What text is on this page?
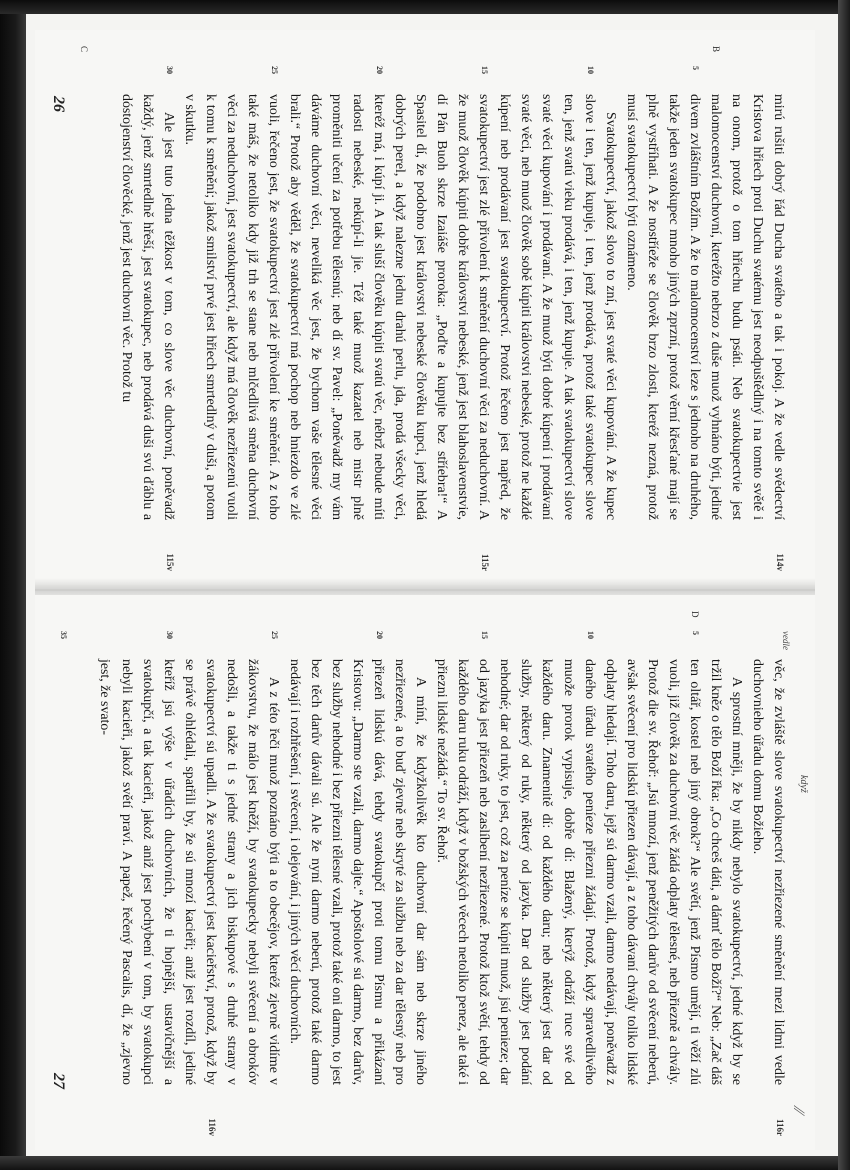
5
10
15
20
25
30
B
C

mirú rušiti dobrý řád Ducha svatého a tak i pokoj. A že vedle svědectví Kristova hřiech proti Duchu svatému jest neodpuštědlný i na tomto světě i na onom, protož o tom hřiechu budu psáti. Neb svatokupectvie jest malomocenství duchovní, kteréžto nebrzo z duše muož vyhnáno býti, jediné divem zvláštním Božím. A že to malomocenství leze s jednoho na druhého, takže jeden svatokupec mnoho jiných zprzní, protož věrní křesťané mají se plně vystříhati. A že nostříeže se člověk brzo zlosti, kteréž nezná, protož musí svatokupectví býti oznámeno.

Svatokupectví, jakož slovo to zní, jest svaté věci kupování. A že kupec slove i ten, jenž kupuje, i ten, jenž prodává, protož také svatokupec slove ten, jenž svatú vieku prodává, i ten, jenž kupuje. A tak svatokupectví slove svaté věci kupování i prodávaní. A že muož býti dobré kúpení i prodávaní svaté věci, neb muož člověk sobě kúpiti královstvi nebeské, protož ne každé kúpení neb prodávaní jest svatokupectví. Protož řečeno jest napřed, že svatokupectví jest zlé přivolení k směnění duchovní věci za neduchovní. A že muož člověk kúpiti dobře královstvi nebeské, jenž jest blahoslavenstvie, dí Pán Buoh skrze Izaiáše proroka: „Poďte a kupujte bez stříebra!“ A Spasitel dí, že podobno jest královstvi nebeské člověku kupci, jenž hledá dobrých perel, a když nalezne jednu drahú perlu, jda, prodá všecky věci, kteréž má, i kúpí ji. A tak sluší člověku kúpiti svatú věc, nébrž nebude míti radosti nebeské, nekúpí-li jie. Též také muož kazatel neb mistr plně proměniti učení za potřebu tělesnú; neb dí sv. Pavel: „Poněvadž my vám dáváme duchovní věci, neveliká věc jest, že bychom vaše tělesné věci brali.“ Protož aby věděl, že svatokupectví má pochop neb hniezdo ve zlé vuoli, řečeno jest, že svatokupectví jest zlé přivolení ke směnění. A z toho také máš, že netoliko kdy již trh se stane neb mlčedlivá směna duchovní věci za neduchovní, jest svatokupectví, ale když má člověk nezřiezenú vuoli k tomu k směnění; jakož smilství prvé jest hřiech smrtedlný v duši, a potom v skutku.

Ale jest tuto jedna těžkost v tom, co slove věc duchovní, poněvadž každý, jenž smrtedlně hřeší, jest svatokupec, neb prodává duši svú ďáblu a dóstojenství člověcké, jenž jest duchovní věc. Protož tu

114v
115r
115v
26
5
10
15
20
25
30
35
D

věc, že zvláště slove svatokupectví nezřiezené směnění mezi lidmi vedle duchovnieho úřadu domu Božieho.

A sprostní mněji, že by nikdy nebylo svatokupectví, jedné když by se tržil kněz o tělo Boží řka: „Co chceš dáti, a dámť tělo Boží?“ Neb: „Zač dáš ten oltář, kostel neb jiný obrok?“ Ale světí, jenž Písmo umějí, ti věží zlú vuoli, již člověk za duchovní věc žádá odplaty tělesné, neb přiezně a chvály. Protož die sv. Řehoř: „Jsú mnozí, jenž peněžitých darův od svěcení neberú, avšak svěcení pro lidskú přiezen dávají, a z toho dávaní chvály toliko lidské odplaty hledají. Toho daru, jejž sú darmo vzali, darmo nedávají, poněvadž z daného úřadu svatého peníeze přiezni žádají. Protož, když spravedlivého muože prorok vypisuje, dobře dí: Blažený, kterýž odráží ruce své od každého daru. Znamenitě dí: od každého daru; neb některý jest dar od služby, některý od ruky, některý od jazyka. Dar od služby jest podání nehodné; dar od ruky, to jest, což za peníze se kúpiti muož, jsú penieze; dar od jazyka jest přiezeň neb zaslíbení nezřiezené. Protož ktož světí, tehdy od každého daru ruku odráží, když v božských věcech netoliko penez, ale také i přiezni lidské nežádá.“ To sv. Řehoř.

A míní, že kdyžkolivěk kto duchovní dar sám neb skrze jiného nezřiezené, a to buď zjevně neb skryté za službu neb za dar tělesný neb pro přiezeň lidskú dává, tehdy svatokupčí proti tomu Písmu a přikázaní Kristovu: „Darmo ste vzali, darmo dajte.“ Apoštolové sú darmo, bez darův, bez služby nehodné i bez přiezni tělesné vzali, protož také oni darmo, to jest bez těch darův dávali sú. Ale že nyní darmo neberú, protož také darmo nedávají i rozhřešení, i svěcení, i olejování, i jiných věcí duchovních.

A z této řeči muož poznáno býti a to obecějov, kteréž zjevně vidíme v žákovstvu, že málo jest kněží, by svatokupecky nebyli svěcení a obrokóv nedošli, a takže ti s jedné strany a jich biskupové s druhé strany v svatokupectví sú upadli. A že svatokupectví jest kacieřství, protož, když by se právě ohlédali, spatřili by, že sú mnozí kacieři; aniž jest rozdíl, jediné kteříž jsú výše v úřadích duchovních, že ti hojnější, ustavičnější a svatokupčí, a tak kacieři, jakož aniž jest pochybení v tom, by svatokupci nebyli kacieři, jakož světí praví. A papež, řečený Pascalis, dí, že „zjevno jest, že svato-

116r
116v
27
když
vedle
⁄⁄
